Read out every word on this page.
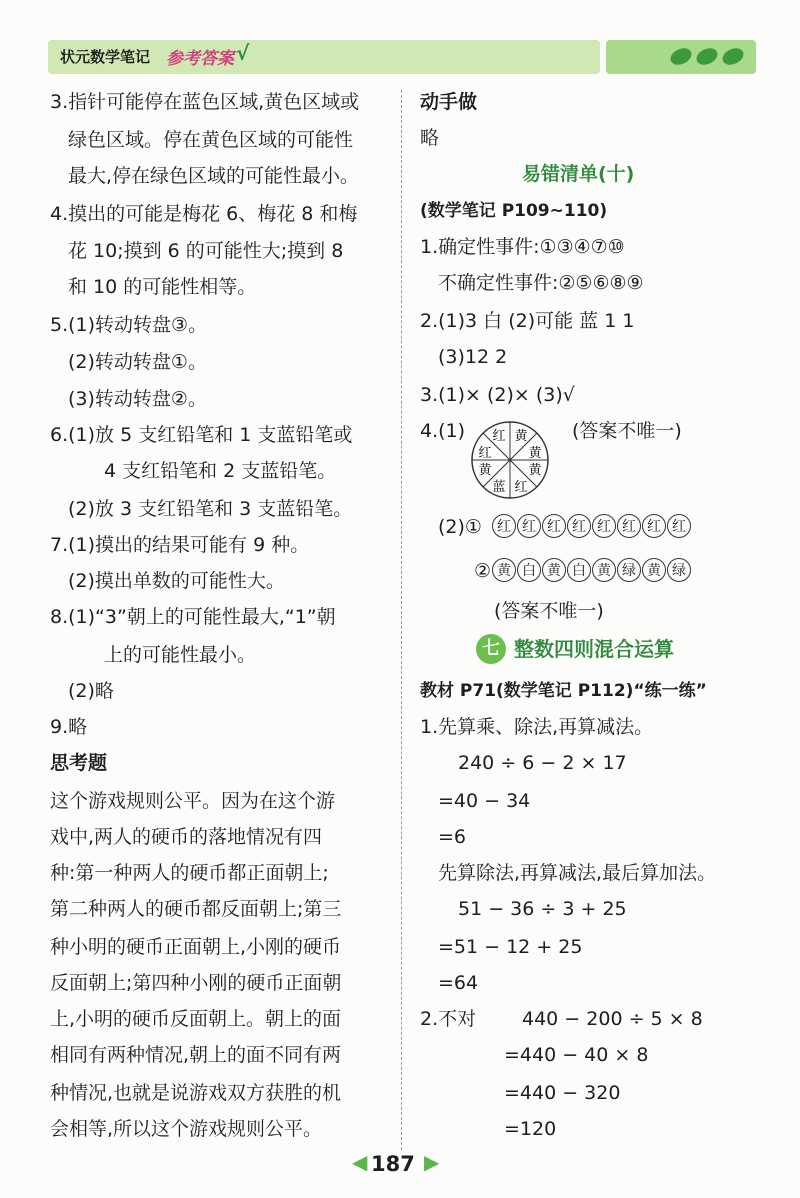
状元数学笔记 参考答案 √
3.指针可能停在蓝色区域,黄色区域或
绿色区域。停在黄色区域的可能性
最大,停在绿色区域的可能性最小。
4.摸出的可能是梅花 6、梅花 8 和梅
花 10;摸到 6 的可能性大;摸到 8
和 10 的可能性相等。
5.(1)转动转盘③。
(2)转动转盘①。
(3)转动转盘②。
6.(1)放 5 支红铅笔和 1 支蓝铅笔或
4 支红铅笔和 2 支蓝铅笔。
(2)放 3 支红铅笔和 3 支蓝铅笔。
7.(1)摸出的结果可能有 9 种。
(2)摸出单数的可能性大。
8.(1)“3”朝上的可能性最大,“1”朝
上的可能性最小。
(2)略
9.略
思考题
这个游戏规则公平。因为在这个游
戏中,两人的硬币的落地情况有四
种:第一种两人的硬币都正面朝上;
第二种两人的硬币都反面朝上;第三
种小明的硬币正面朝上,小刚的硬币
反面朝上;第四种小刚的硬币正面朝
上,小明的硬币反面朝上。朝上的面
相同有两种情况,朝上的面不同有两
种情况,也就是说游戏双方获胜的机
会相等,所以这个游戏规则公平。
动手做
略
易错清单(十)
(数学笔记 P109~110)
1.确定性事件:①③④⑦⑩
不确定性事件:②⑤⑥⑧⑨
2.(1)3 白 (2)可能 蓝 1 1
(3)12 2
3.(1)× (2)× (3)√
4.(1)	(答案不唯一)
红 黄
红	黄
黄	黄
蓝 红
(2)①	红 红 红 红 红 红 红 红
② 黄 白 黄 白 黄 绿 黄 绿
(答案不唯一)
七 整数四则混合运算
教材 P71(数学笔记 P112)“练一练”
1.先算乘、除法,再算减法。
240 ÷ 6 − 2 × 17
=40 − 34
=6
先算除法,再算减法,最后算加法。
51 − 36 ÷ 3 + 25
=51 − 12 + 25
=64
2.不对 440 − 200 ÷ 5 × 8
=440 − 40 × 8
=440 − 320
=120
◀ 187 ▶
